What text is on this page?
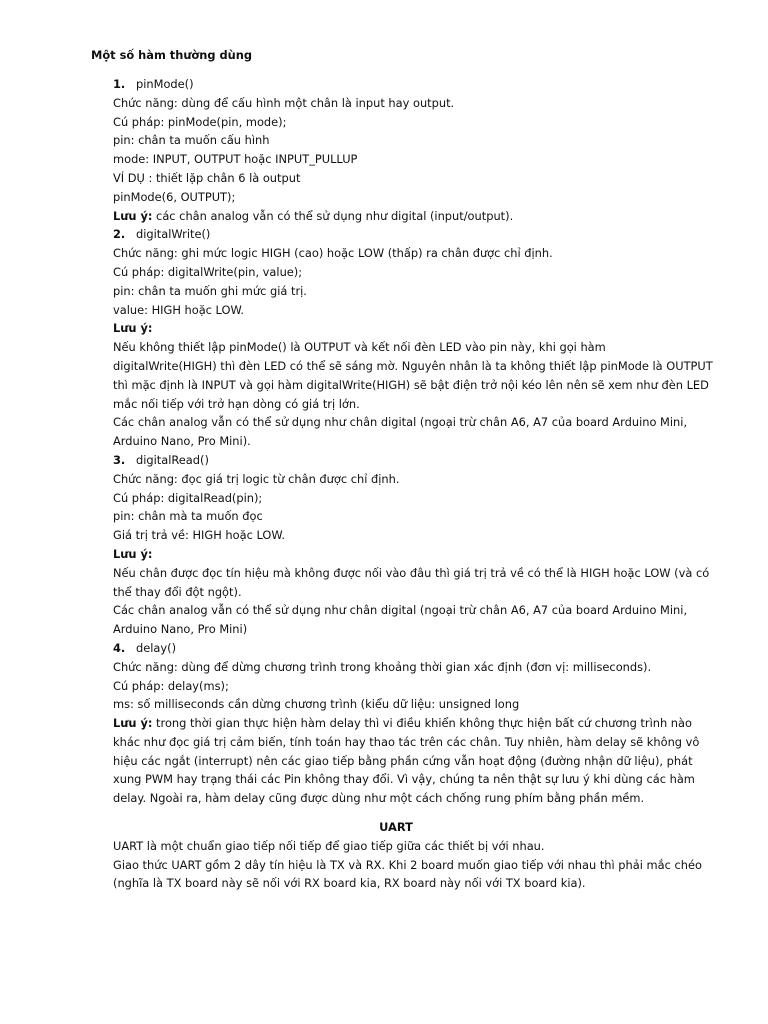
Một số hàm thường dùng
1. pinMode()
Chức năng: dùng để cấu hình một chân là input hay output.
Cú pháp: pinMode(pin, mode);
pin: chân ta muốn cấu hình
mode: INPUT, OUTPUT hoặc INPUT_PULLUP
VÍ DỤ : thiết lặp chân 6 là output
pinMode(6, OUTPUT);
Lưu ý: các chân analog vẫn có thể sử dụng như digital (input/output).
2. digitalWrite()
Chức năng: ghi mức logic HIGH (cao) hoặc LOW (thấp) ra chân được chỉ định.
Cú pháp: digitalWrite(pin, value);
pin: chân ta muốn ghi mức giá trị.
value: HIGH hoặc LOW.
Lưu ý:
Nếu không thiết lập pinMode() là OUTPUT và kết nối đèn LED vào pin này, khi gọi hàm digitalWrite(HIGH) thì đèn LED có thể sẽ sáng mờ. Nguyên nhân là ta không thiết lập pinMode là OUTPUT thì mặc định là INPUT và gọi hàm digitalWrite(HIGH) sẽ bật điện trở nội kéo lên nên sẽ xem như đèn LED mắc nối tiếp với trở hạn dòng có giá trị lớn.
Các chân analog vẫn có thể sử dụng như chân digital (ngoại trừ chân A6, A7 của board Arduino Mini, Arduino Nano, Pro Mini).
3. digitalRead()
Chức năng: đọc giá trị logic từ chân được chỉ định.
Cú pháp: digitalRead(pin);
pin: chân mà ta muốn đọc
Giá trị trả về: HIGH hoặc LOW.
Lưu ý:
Nếu chân được đọc tín hiệu mà không được nối vào đâu thì giá trị trả về có thể là HIGH hoặc LOW (và có thể thay đổi đột ngột).
Các chân analog vẫn có thể sử dụng như chân digital (ngoại trừ chân A6, A7 của board Arduino Mini, Arduino Nano, Pro Mini)
4. delay()
Chức năng: dùng để dừng chương trình trong khoảng thời gian xác định (đơn vị: milliseconds).
Cú pháp: delay(ms);
ms: số milliseconds cần dừng chương trình (kiểu dữ liệu: unsigned long
Lưu ý: trong thời gian thực hiện hàm delay thì vi điều khiển không thực hiện bất cứ chương trình nào khác như đọc giá trị cảm biến, tính toán hay thao tác trên các chân. Tuy nhiên, hàm delay sẽ không vô hiệu các ngắt (interrupt) nên các giao tiếp bằng phần cứng vẫn hoạt động (đường nhận dữ liệu), phát xung PWM hay trạng thái các Pin không thay đổi. Vì vậy, chúng ta nên thật sự lưu ý khi dùng các hàm delay. Ngoài ra, hàm delay cũng được dùng như một cách chống rung phím bằng phần mềm.
UART
UART là một chuẩn giao tiếp nối tiếp để giao tiếp giữa các thiết bị với nhau.
Giao thức UART gồm 2 dây tín hiệu là TX và RX. Khi 2 board muốn giao tiếp với nhau thì phải mắc chéo (nghĩa là TX board này sẽ nối với RX board kia, RX board này nối với TX board kia).
